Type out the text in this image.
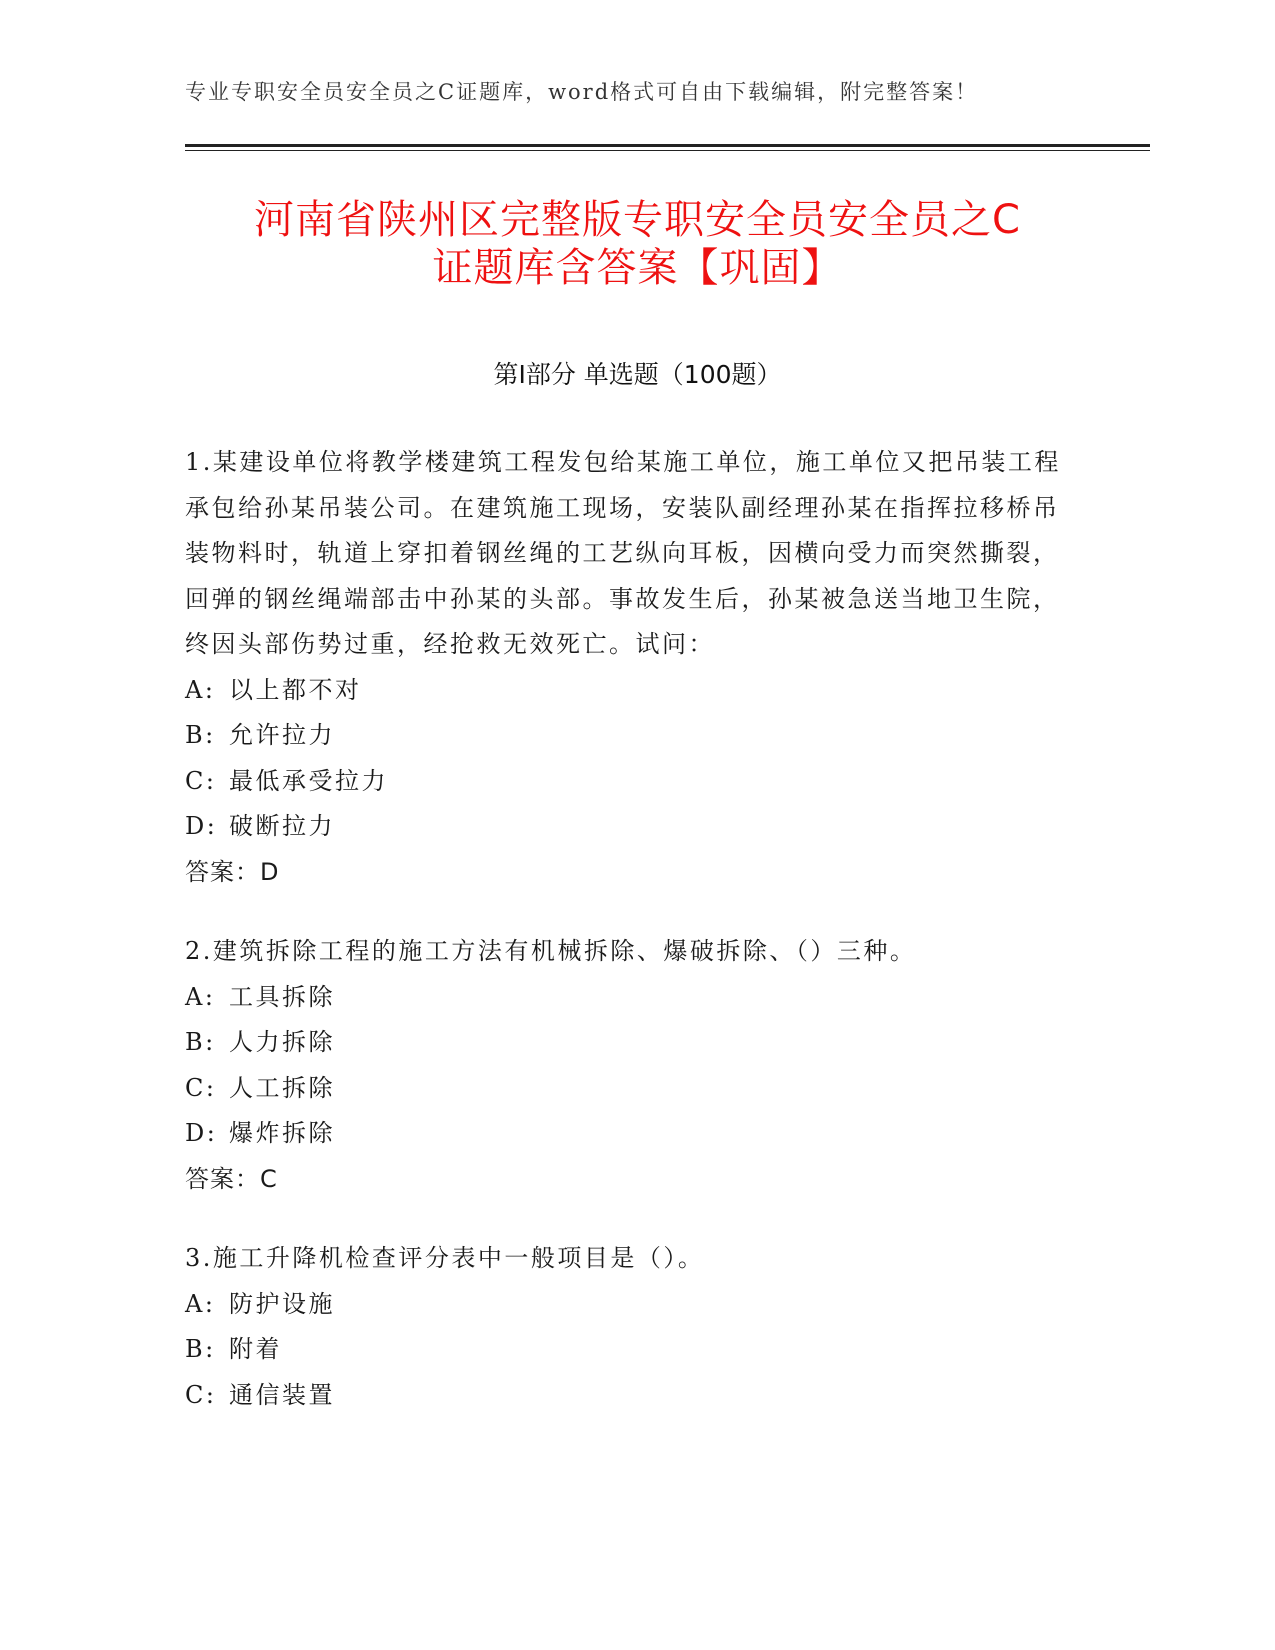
专业专职安全员安全员之C证题库，word格式可自由下载编辑，附完整答案！
河南省陕州区完整版专职安全员安全员之C
证题库含答案【巩固】
第Ⅰ部分 单选题（100题）
1.某建设单位将教学楼建筑工程发包给某施工单位，施工单位又把吊装工程承包给孙某吊装公司。在建筑施工现场，安装队副经理孙某在指挥拉移桥吊装物料时，轨道上穿扣着钢丝绳的工艺纵向耳板，因横向受力而突然撕裂，回弹的钢丝绳端部击中孙某的头部。事故发生后，孙某被急送当地卫生院，终因头部伤势过重，经抢救无效死亡。试问：
A: 以上都不对
B: 允许拉力
C: 最低承受拉力
D: 破断拉力
答案：D
2.建筑拆除工程的施工方法有机械拆除、爆破拆除、（）三种。
A: 工具拆除
B: 人力拆除
C: 人工拆除
D: 爆炸拆除
答案：C
3.施工升降机检查评分表中一般项目是（）。
A: 防护设施
B: 附着
C: 通信装置
